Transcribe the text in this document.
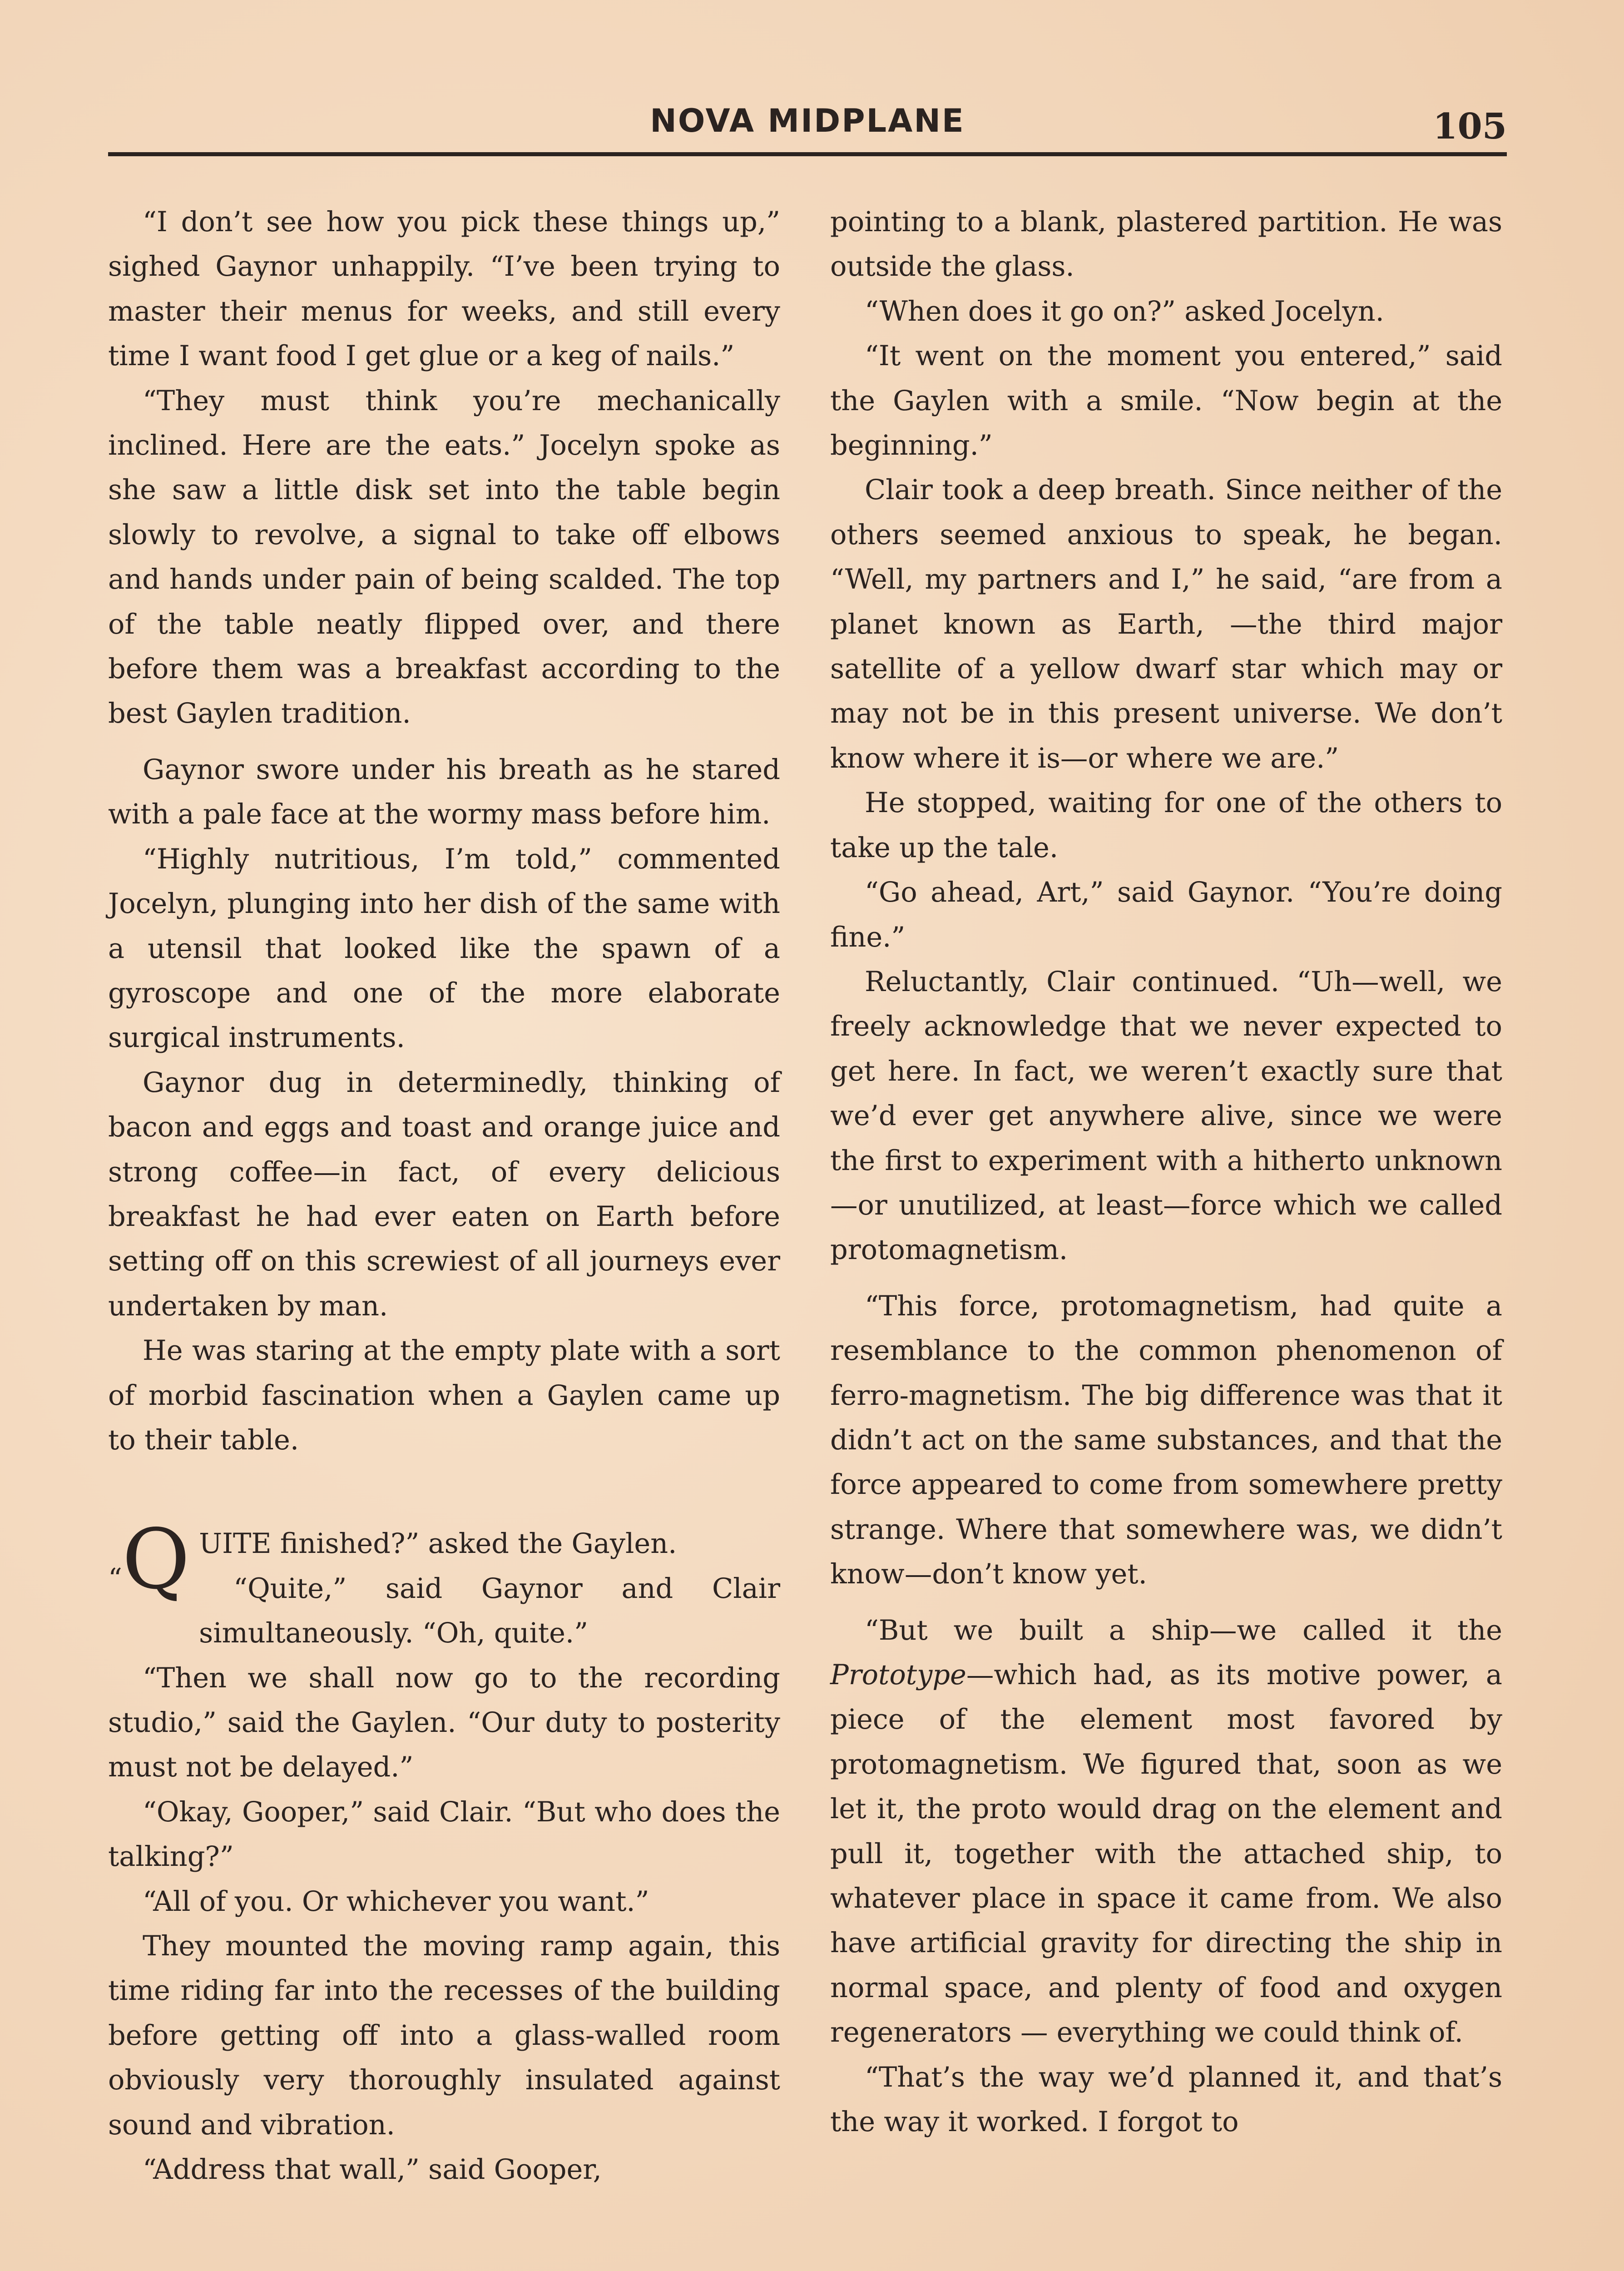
NOVA MIDPLANE	105

“I don’t see how you pick these things up,” sighed Gaynor unhappily. “I’ve been trying to master their menus for weeks, and still every time I want food I get glue or a keg of nails.”

“They must think you’re mechanically inclined. Here are the eats.” Jocelyn spoke as she saw a little disk set into the table begin slowly to revolve, a signal to take off elbows and hands under pain of being scalded. The top of the table neatly flipped over, and there before them was a breakfast according to the best Gaylen tradition.

Gaynor swore under his breath as he stared with a pale face at the wormy mass before him.

“Highly nutritious, I’m told,” commented Jocelyn, plunging into her dish of the same with a utensil that looked like the spawn of a gyroscope and one of the more elaborate surgical instruments.

Gaynor dug in determinedly, thinking of bacon and eggs and toast and orange juice and strong coffee—in fact, of every delicious breakfast he had ever eaten on Earth before setting off on this screwiest of all journeys ever undertaken by man.

He was staring at the empty plate with a sort of morbid fascination when a Gaylen came up to their table.

“Q UITE finished?” asked the Gaylen.

“Quite,” said Gaynor and Clair simultaneously. “Oh, quite.”

“Then we shall now go to the recording studio,” said the Gaylen. “Our duty to posterity must not be delayed.”

“Okay, Gooper,” said Clair. “But who does the talking?”

“All of you. Or whichever you want.”

They mounted the moving ramp again, this time riding far into the recesses of the building before getting off into a glass-walled room obviously very thoroughly insulated against sound and vibration.

“Address that wall,” said Gooper,

pointing to a blank, plastered partition. He was outside the glass.

“When does it go on?” asked Jocelyn.

“It went on the moment you entered,” said the Gaylen with a smile. “Now begin at the beginning.”

Clair took a deep breath. Since neither of the others seemed anxious to speak, he began. “Well, my partners and I,” he said, “are from a planet known as Earth, —the third major satellite of a yellow dwarf star which may or may not be in this present universe. We don’t know where it is—or where we are.”

He stopped, waiting for one of the others to take up the tale.

“Go ahead, Art,” said Gaynor. “You’re doing fine.”

Reluctantly, Clair continued. “Uh—well, we freely acknowledge that we never expected to get here. In fact, we weren’t exactly sure that we’d ever get anywhere alive, since we were the first to experiment with a hitherto unknown—or unutilized, at least—force which we called protomagnetism.

“This force, protomagnetism, had quite a resemblance to the common phenomenon of ferro-magnetism. The big difference was that it didn’t act on the same substances, and that the force appeared to come from somewhere pretty strange. Where that somewhere was, we didn’t know—don’t know yet.

“But we built a ship—we called it the Prototype—which had, as its motive power, a piece of the element most favored by protomagnetism. We figured that, soon as we let it, the proto would drag on the element and pull it, together with the attached ship, to whatever place in space it came from. We also have artificial gravity for directing the ship in normal space, and plenty of food and oxygen regenerators — everything we could think of.

“That’s the way we’d planned it, and that’s the way it worked. I forgot to
